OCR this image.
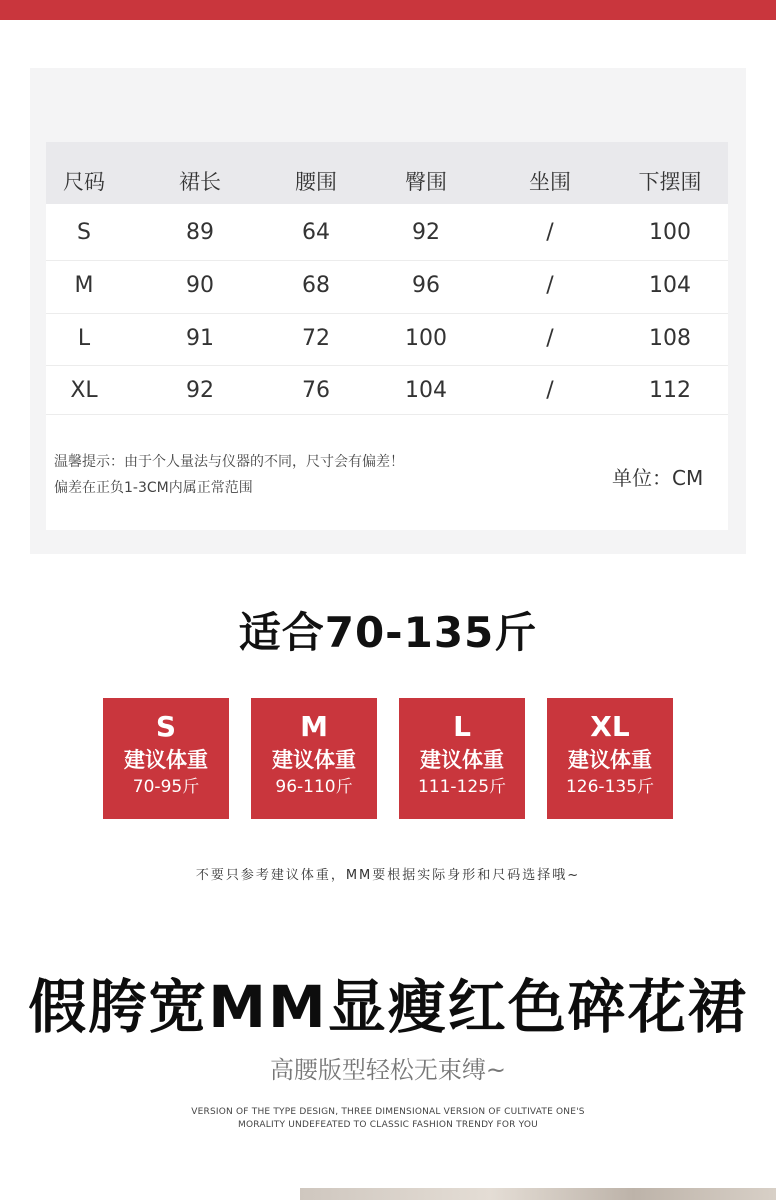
尺码	裙长	腰围	臀围	坐围	下摆围
S	89	64	92	/	100
M	90	68	96	/	104
L	91	72	100	/	108
XL	92	76	104	/	112
温馨提示：由于个人量法与仪器的不同，尺寸会有偏差！
偏差在正负1-3CM内属正常范围	单位：CM
适合70-135斤
S
建议体重
70-95斤
M
建议体重
96-110斤
L
建议体重
111-125斤
XL
建议体重
126-135斤
不要只参考建议体重，MM要根据实际身形和尺码选择哦~
假胯宽MM显瘦红色碎花裙
高腰版型轻松无束缚~
VERSION OF THE TYPE DESIGN, THREE DIMENSIONAL VERSION OF CULTIVATE ONE'S
MORALITY UNDEFEATED TO CLASSIC FASHION TRENDY FOR YOU
